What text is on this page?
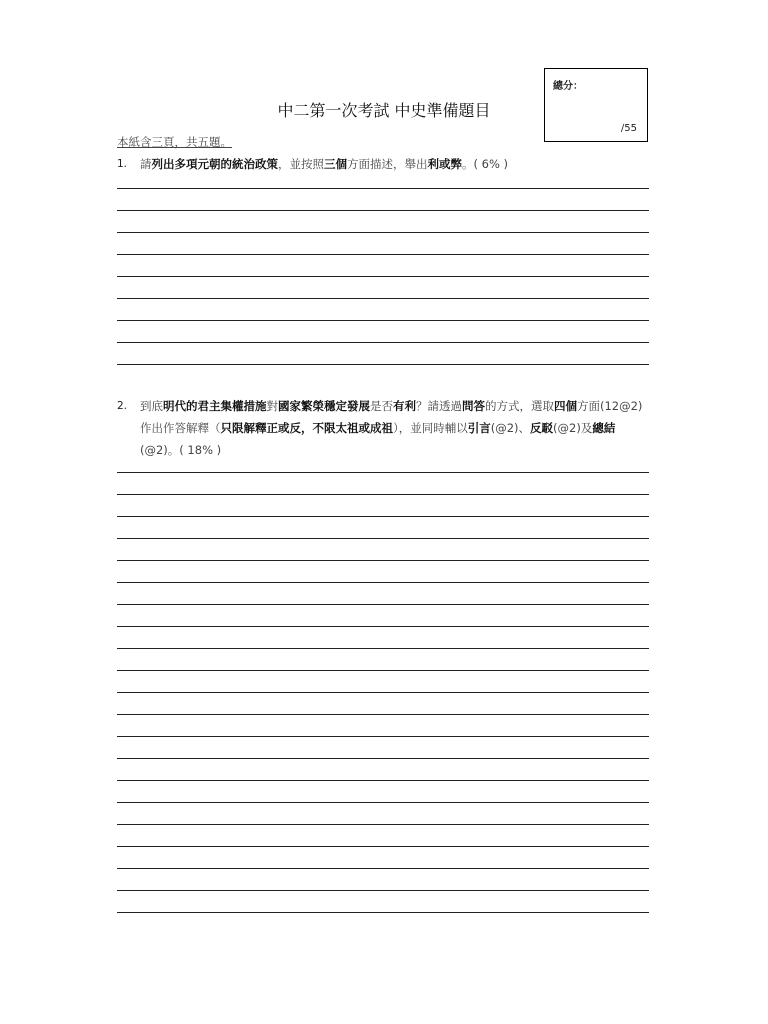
總分：
/55
中二第一次考試 中史準備題目
本紙含三頁，共五題。
1. 請列出多項元朝的統治政策，並按照三個方面描述，舉出利或弊。( 6% )
2. 到底明代的君主集權措施對國家繁榮穩定發展是否有利？請透過問答的方式，選取四個方面(12@2)作出作答解釋（只限解釋正或反，不限太祖或成祖），並同時輔以引言(@2)、反駁(@2)及總結(@2)。( 18% )
